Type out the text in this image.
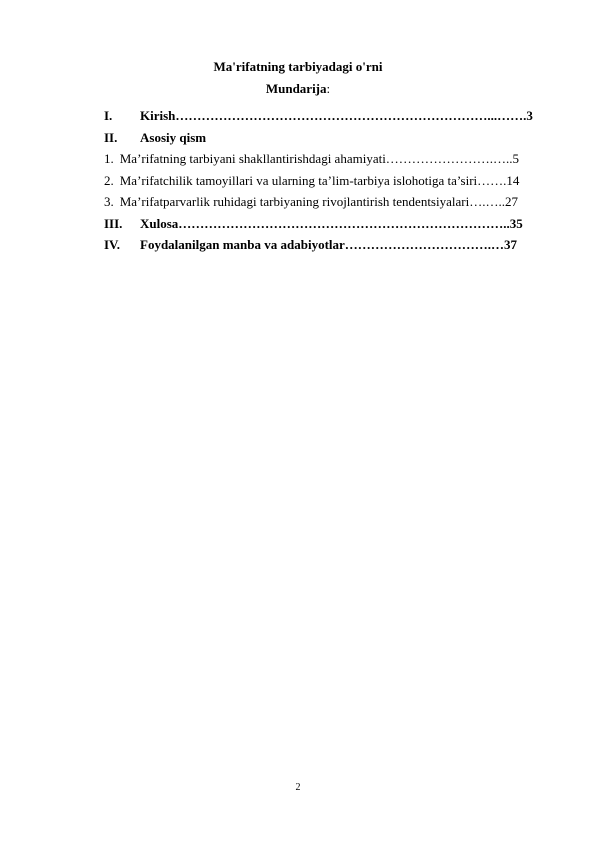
Ma'rifatning tarbiyadagi o'rni

Mundarija:

I. Kirish………………………………………………………………...…….3
II. Asosiy qism
1. Ma’rifatning tarbiyani shakllantirishdagi ahamiyati…………………….…..5
2. Ma’rifatchilik tamoyillari va ularning ta’lim-tarbiya islohotiga ta’siri…….14
3. Ma’rifatparvarlik ruhidagi tarbiyaning rivojlantirish tendentsiyalari….…..27
III. Xulosa…………………………………………………………………..35
IV. Foydalanilgan manba va adabiyotlar…………………………….…37
2
